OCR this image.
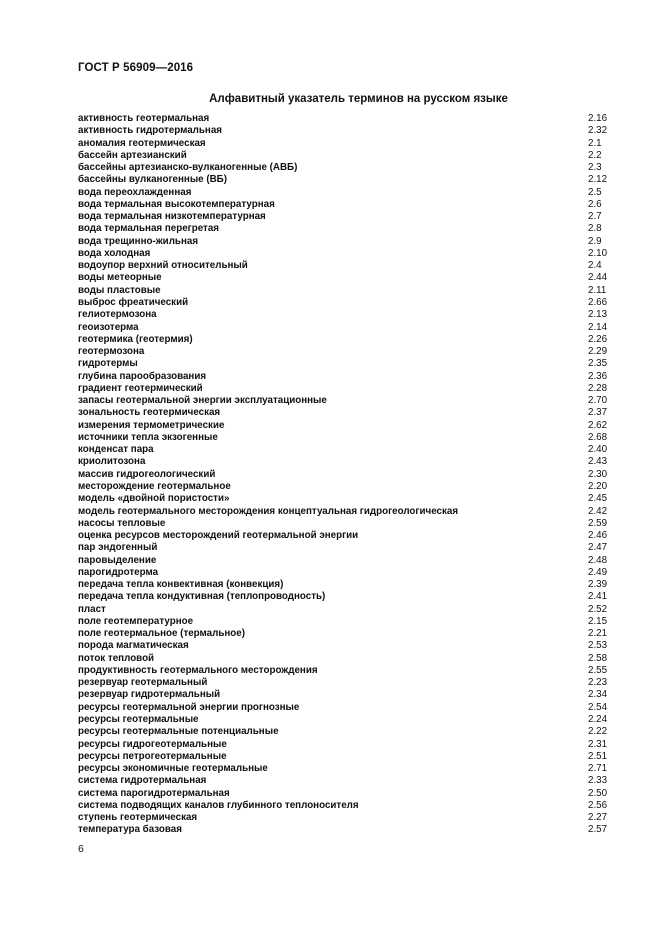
ГОСТ Р 56909—2016
Алфавитный указатель терминов на русском языке
активность геотермальная	2.16
активность гидротермальная	2.32
аномалия геотермическая	2.1
бассейн артезианский	2.2
бассейны артезианско-вулканогенные (АВБ)	2.3
бассейны вулканогенные (ВБ)	2.12
вода переохлажденная	2.5
вода термальная высокотемпературная	2.6
вода термальная низкотемпературная	2.7
вода термальная перегретая	2.8
вода трещинно-жильная	2.9
вода холодная	2.10
водоупор верхний относительный	2.4
воды метеорные	2.44
воды пластовые	2.11
выброс фреатический	2.66
гелиотермозона	2.13
геоизотерма	2.14
геотермика (геотермия)	2.26
геотермозона	2.29
гидротермы	2.35
глубина парообразования	2.36
градиент геотермический	2.28
запасы геотермальной энергии эксплуатационные	2.70
зональность геотермическая	2.37
измерения термометрические	2.62
источники тепла экзогенные	2.68
конденсат пара	2.40
криолитозона	2.43
массив гидрогеологический	2.30
месторождение геотермальное	2.20
модель «двойной пористости»	2.45
модель геотермального месторождения концептуальная гидрогеологическая	2.42
насосы тепловые	2.59
оценка ресурсов месторождений геотермальной энергии	2.46
пар эндогенный	2.47
паровыделение	2.48
парогидротерма	2.49
передача тепла конвективная (конвекция)	2.39
передача тепла кондуктивная (теплопроводность)	2.41
пласт	2.52
поле геотемпературное	2.15
поле геотермальное (термальное)	2.21
порода магматическая	2.53
поток тепловой	2.58
продуктивность геотермального месторождения	2.55
резервуар геотермальный	2.23
резервуар гидротермальный	2.34
ресурсы геотермальной энергии прогнозные	2.54
ресурсы геотермальные	2.24
ресурсы геотермальные потенциальные	2.22
ресурсы гидрогеотермальные	2.31
ресурсы петрогеотермальные	2.51
ресурсы экономичные геотермальные	2.71
система гидротермальная	2.33
система парогидротермальная	2.50
система подводящих каналов глубинного теплоносителя	2.56
ступень геотермическая	2.27
температура базовая	2.57
6
